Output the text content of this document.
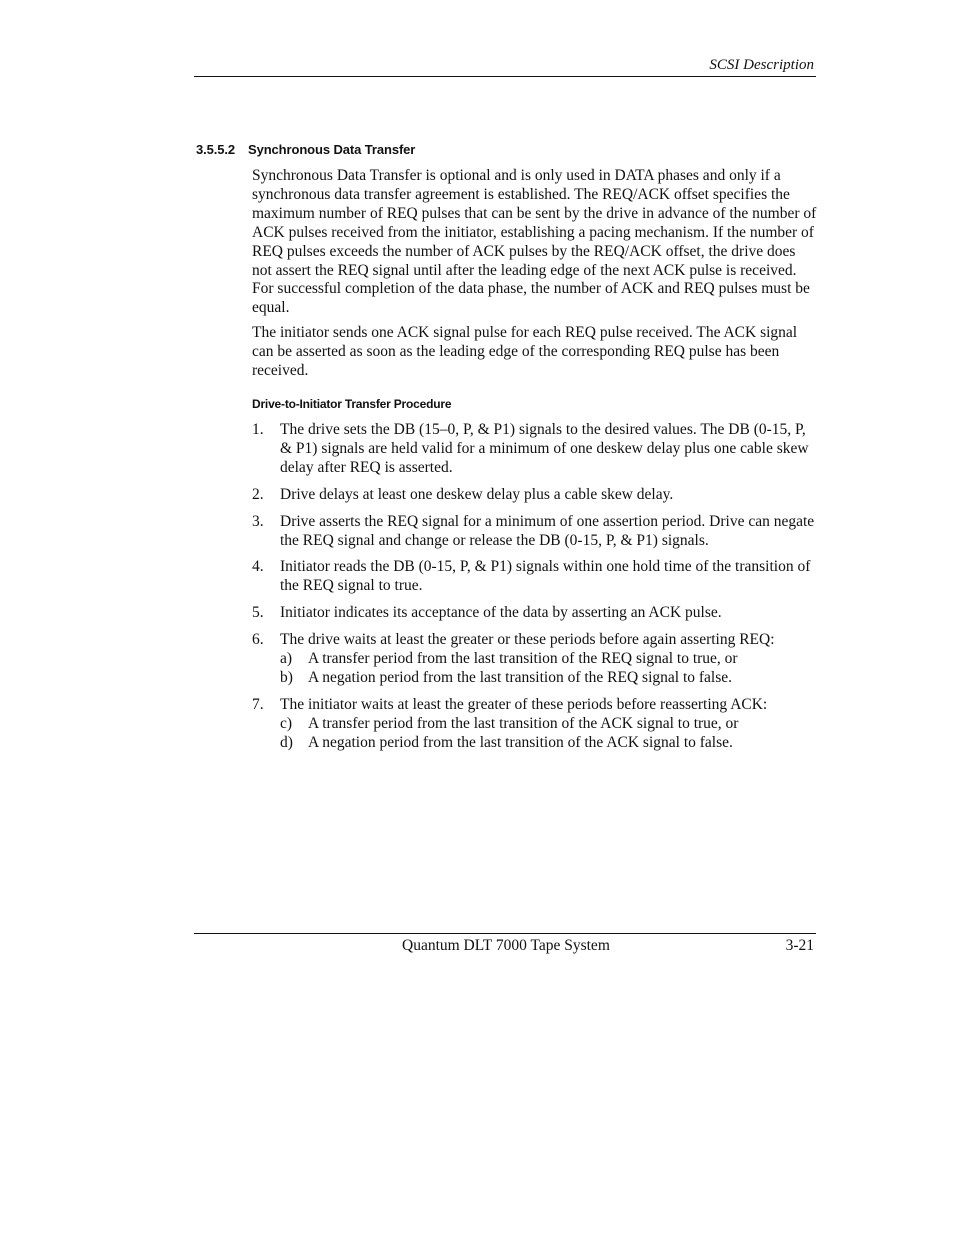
SCSI Description
3.5.5.2 Synchronous Data Transfer

Synchronous Data Transfer is optional and is only used in DATA phases and only if a synchronous data transfer agreement is established. The REQ/ACK offset specifies the maximum number of REQ pulses that can be sent by the drive in advance of the number of ACK pulses received from the initiator, establishing a pacing mechanism. If the number of REQ pulses exceeds the number of ACK pulses by the REQ/ACK offset, the drive does not assert the REQ signal until after the leading edge of the next ACK pulse is received. For successful completion of the data phase, the number of ACK and REQ pulses must be equal.

The initiator sends one ACK signal pulse for each REQ pulse received. The ACK signal can be asserted as soon as the leading edge of the corresponding REQ pulse has been received.

Drive-to-Initiator Transfer Procedure
1.	The drive sets the DB (15–0, P, & P1) signals to the desired values. The DB (0-15, P, & P1) signals are held valid for a minimum of one deskew delay plus one cable skew delay after REQ is asserted.
2.	Drive delays at least one deskew delay plus a cable skew delay.
3.	Drive asserts the REQ signal for a minimum of one assertion period. Drive can negate the REQ signal and change or release the DB (0-15, P, & P1) signals.
4.	Initiator reads the DB (0-15, P, & P1) signals within one hold time of the transition of the REQ signal to true.
5.	Initiator indicates its acceptance of the data by asserting an ACK pulse.
6.	The drive waits at least the greater or these periods before again asserting REQ:
a)	A transfer period from the last transition of the REQ signal to true, or
b) A negation period from the last transition of the REQ signal to false.
7.	The initiator waits at least the greater of these periods before reasserting ACK:
c)	A transfer period from the last transition of the ACK signal to true, or
d) A negation period from the last transition of the ACK signal to false.
Quantum DLT 7000 Tape System	3-21
